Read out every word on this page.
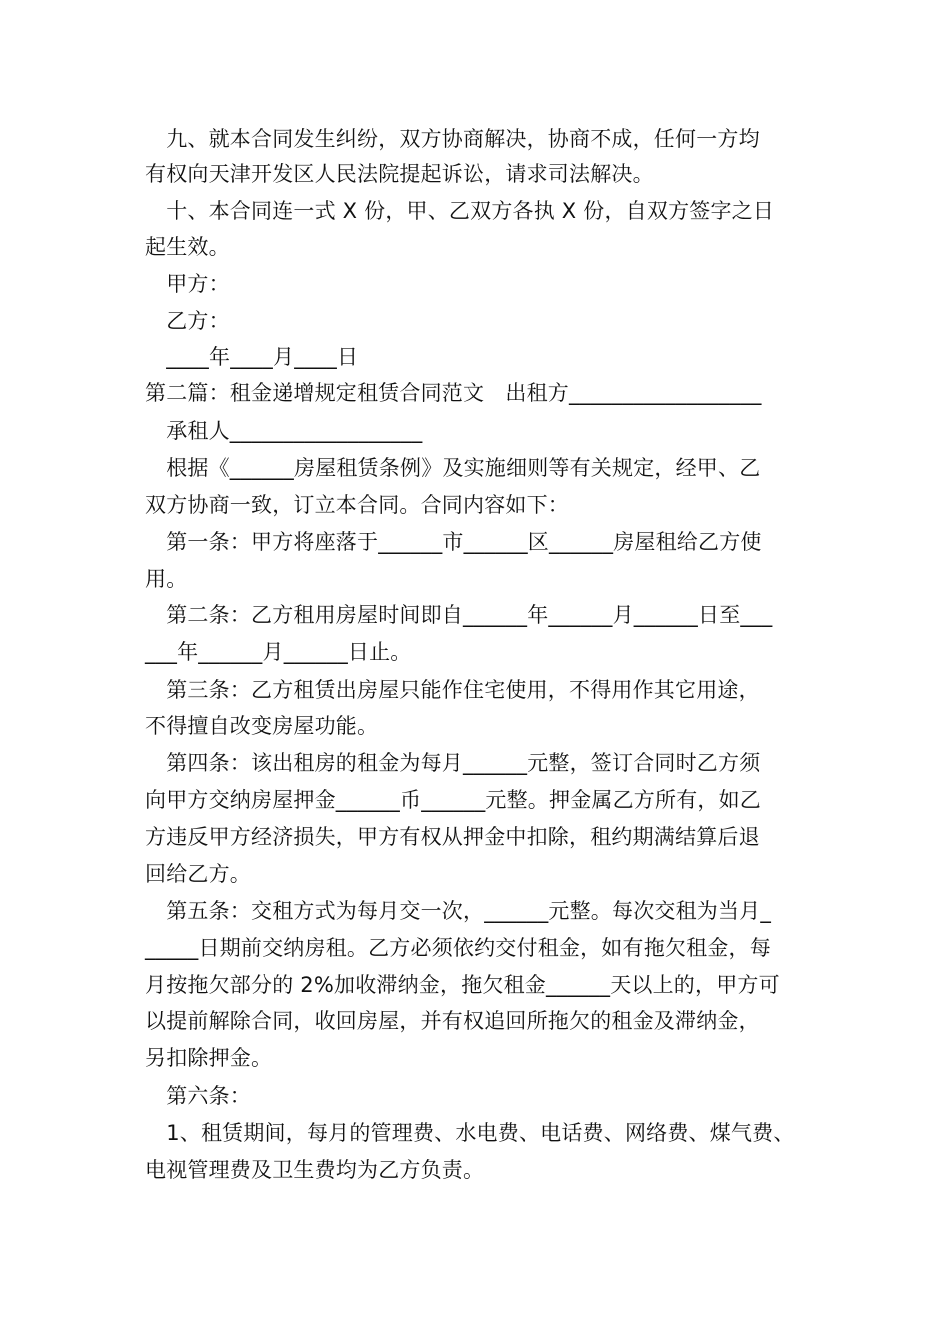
　九、就本合同发生纠纷，双方协商解决，协商不成，任何一方均

有权向天津开发区人民法院提起诉讼，请求司法解决。

　十、本合同连一式 X 份，甲、乙双方各执 X 份，自双方签字之日

起生效。

　甲方：

　乙方：

　____年____月____日

第二篇：租金递增规定租赁合同范文　出租方__________________

　承租人__________________

　根据《______房屋租赁条例》及实施细则等有关规定，经甲、乙

双方协商一致，订立本合同。合同内容如下：

　第一条：甲方将座落于______市______区______房屋租给乙方使

用。

　第二条：乙方租用房屋时间即自______年______月______日至___

___年______月______日止。

　第三条：乙方租赁出房屋只能作住宅使用，不得用作其它用途，

不得擅自改变房屋功能。

　第四条：该出租房的租金为每月______元整，签订合同时乙方须

向甲方交纳房屋押金______币______元整。押金属乙方所有，如乙

方违反甲方经济损失，甲方有权从押金中扣除，租约期满结算后退

回给乙方。

　第五条：交租方式为每月交一次，______元整。每次交租为当月_

_____日期前交纳房租。乙方必须依约交付租金，如有拖欠租金，每

月按拖欠部分的 2%加收滞纳金，拖欠租金______天以上的，甲方可

以提前解除合同，收回房屋，并有权追回所拖欠的租金及滞纳金，

另扣除押金。

　第六条：

　1、租赁期间，每月的管理费、水电费、电话费、网络费、煤气费、

电视管理费及卫生费均为乙方负责。
